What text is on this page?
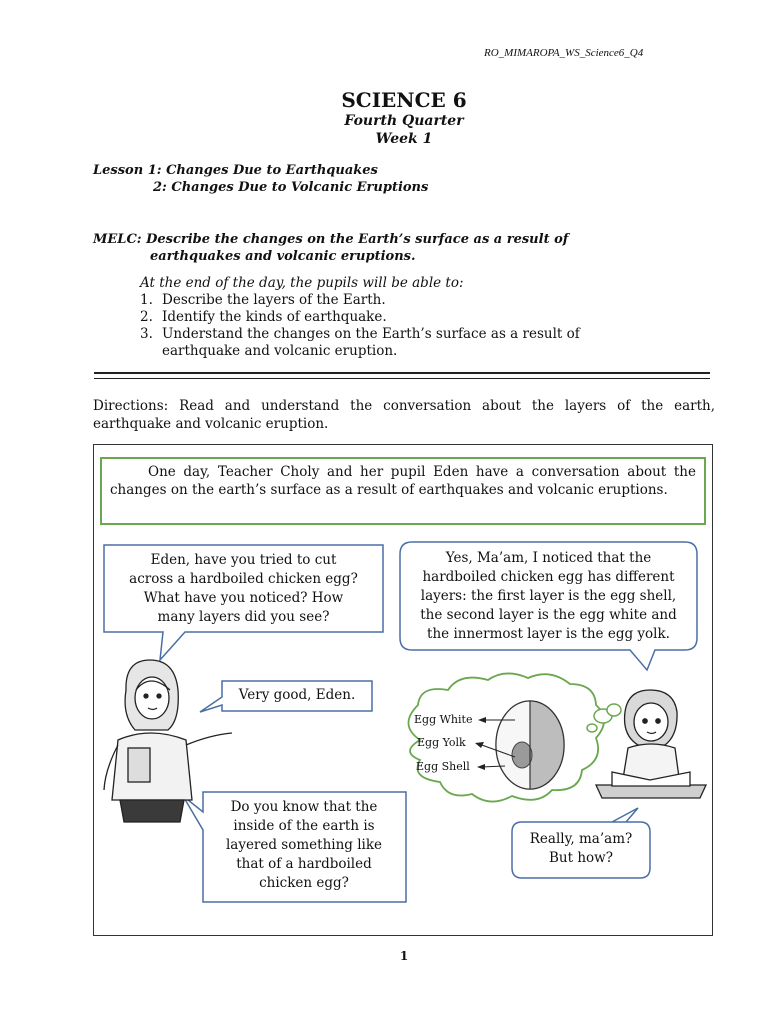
RO_MIMAROPA_WS_Science6_Q4
SCIENCE 6
Fourth Quarter
Week 1
Lesson 1: Changes Due to Earthquakes
2: Changes Due to Volcanic Eruptions
MELC: Describe the changes on the Earth’s surface as a result of
earthquakes and volcanic eruptions.
At the end of the day, the pupils will be able to:
1. Describe the layers of the Earth.
2. Identify the kinds of earthquake.
3. Understand the changes on the Earth’s surface as a result of
earthquake and volcanic eruption.
Directions: Read and understand the conversation about the layers of the earth, earthquake and volcanic eruption.
One day, Teacher Choly and her pupil Eden have a conversation about the changes on the earth’s surface as a result of earthquakes and volcanic eruptions.
Eden, have you tried to cut
across a hardboiled chicken egg?
What have you noticed? How
many layers did you see?
Yes, Ma’am, I noticed that the
hardboiled chicken egg has different
layers: the first layer is the egg shell,
the second layer is the egg white and
the innermost layer is the egg yolk.
Very good, Eden.
Do you know that the
inside of the earth is
layered something like
that of a hardboiled
chicken egg?
Really, ma’am?
But how?
Egg White
Egg Yolk
Egg Shell
1
